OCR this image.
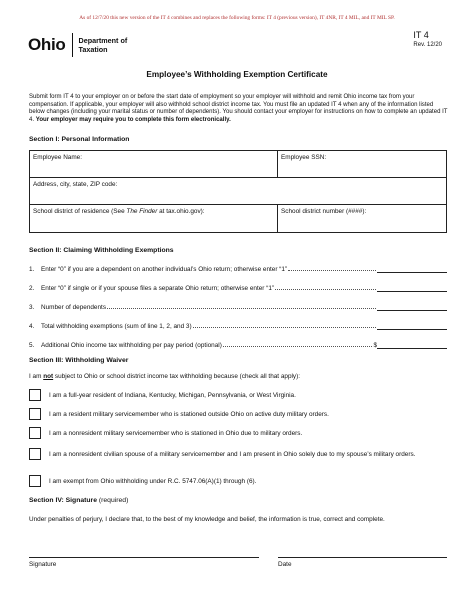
As of 12/7/20 this new version of the IT 4 combines and replaces the following forms: IT 4 (previous version), IT 4NR, IT 4 MIL, and IT MIL SP.
Ohio Department of
Taxation
IT 4
Rev. 12/20
Employee’s Withholding Exemption Certificate
Submit form IT 4 to your employer on or before the start date of employment so your employer will withhold and remit Ohio income tax from your compensation. If applicable, your employer will also withhold school district income tax. You must file an updated IT 4 when any of the information listed below changes (including your marital status or number of dependents). You should contact your employer for instructions on how to complete an updated IT 4. Your employer may require you to complete this form electronically.
Section I: Personal Information
Employee Name:	Employee SSN:
Address, city, state, ZIP code:
School district of residence (See The Finder at tax.ohio.gov):	School district number (####):
Section II: Claiming Withholding Exemptions
1.	Enter “0” if you are a dependent on another individual’s Ohio return; otherwise enter “1”
2.	Enter “0” if single or if your spouse files a separate Ohio return; otherwise enter “1”
3.	Number of dependents
4.	Total withholding exemptions (sum of line 1, 2, and 3)
5.	Additional Ohio income tax withholding per pay period (optional)	$
Section III: Withholding Waiver
I am not subject to Ohio or school district income tax withholding because (check all that apply):
I am a full-year resident of Indiana, Kentucky, Michigan, Pennsylvania, or West Virginia.
I am a resident military servicemember who is stationed outside Ohio on active duty military orders.
I am a nonresident military servicemember who is stationed in Ohio due to military orders.
I am a nonresident civilian spouse of a military servicemember and I am present in Ohio solely due to my spouse’s military orders.
I am exempt from Ohio withholding under R.C. 5747.06(A)(1) through (6).
Section IV: Signature (required)
Under penalties of perjury, I declare that, to the best of my knowledge and belief, the information is true, correct and complete.
Signature	Date
